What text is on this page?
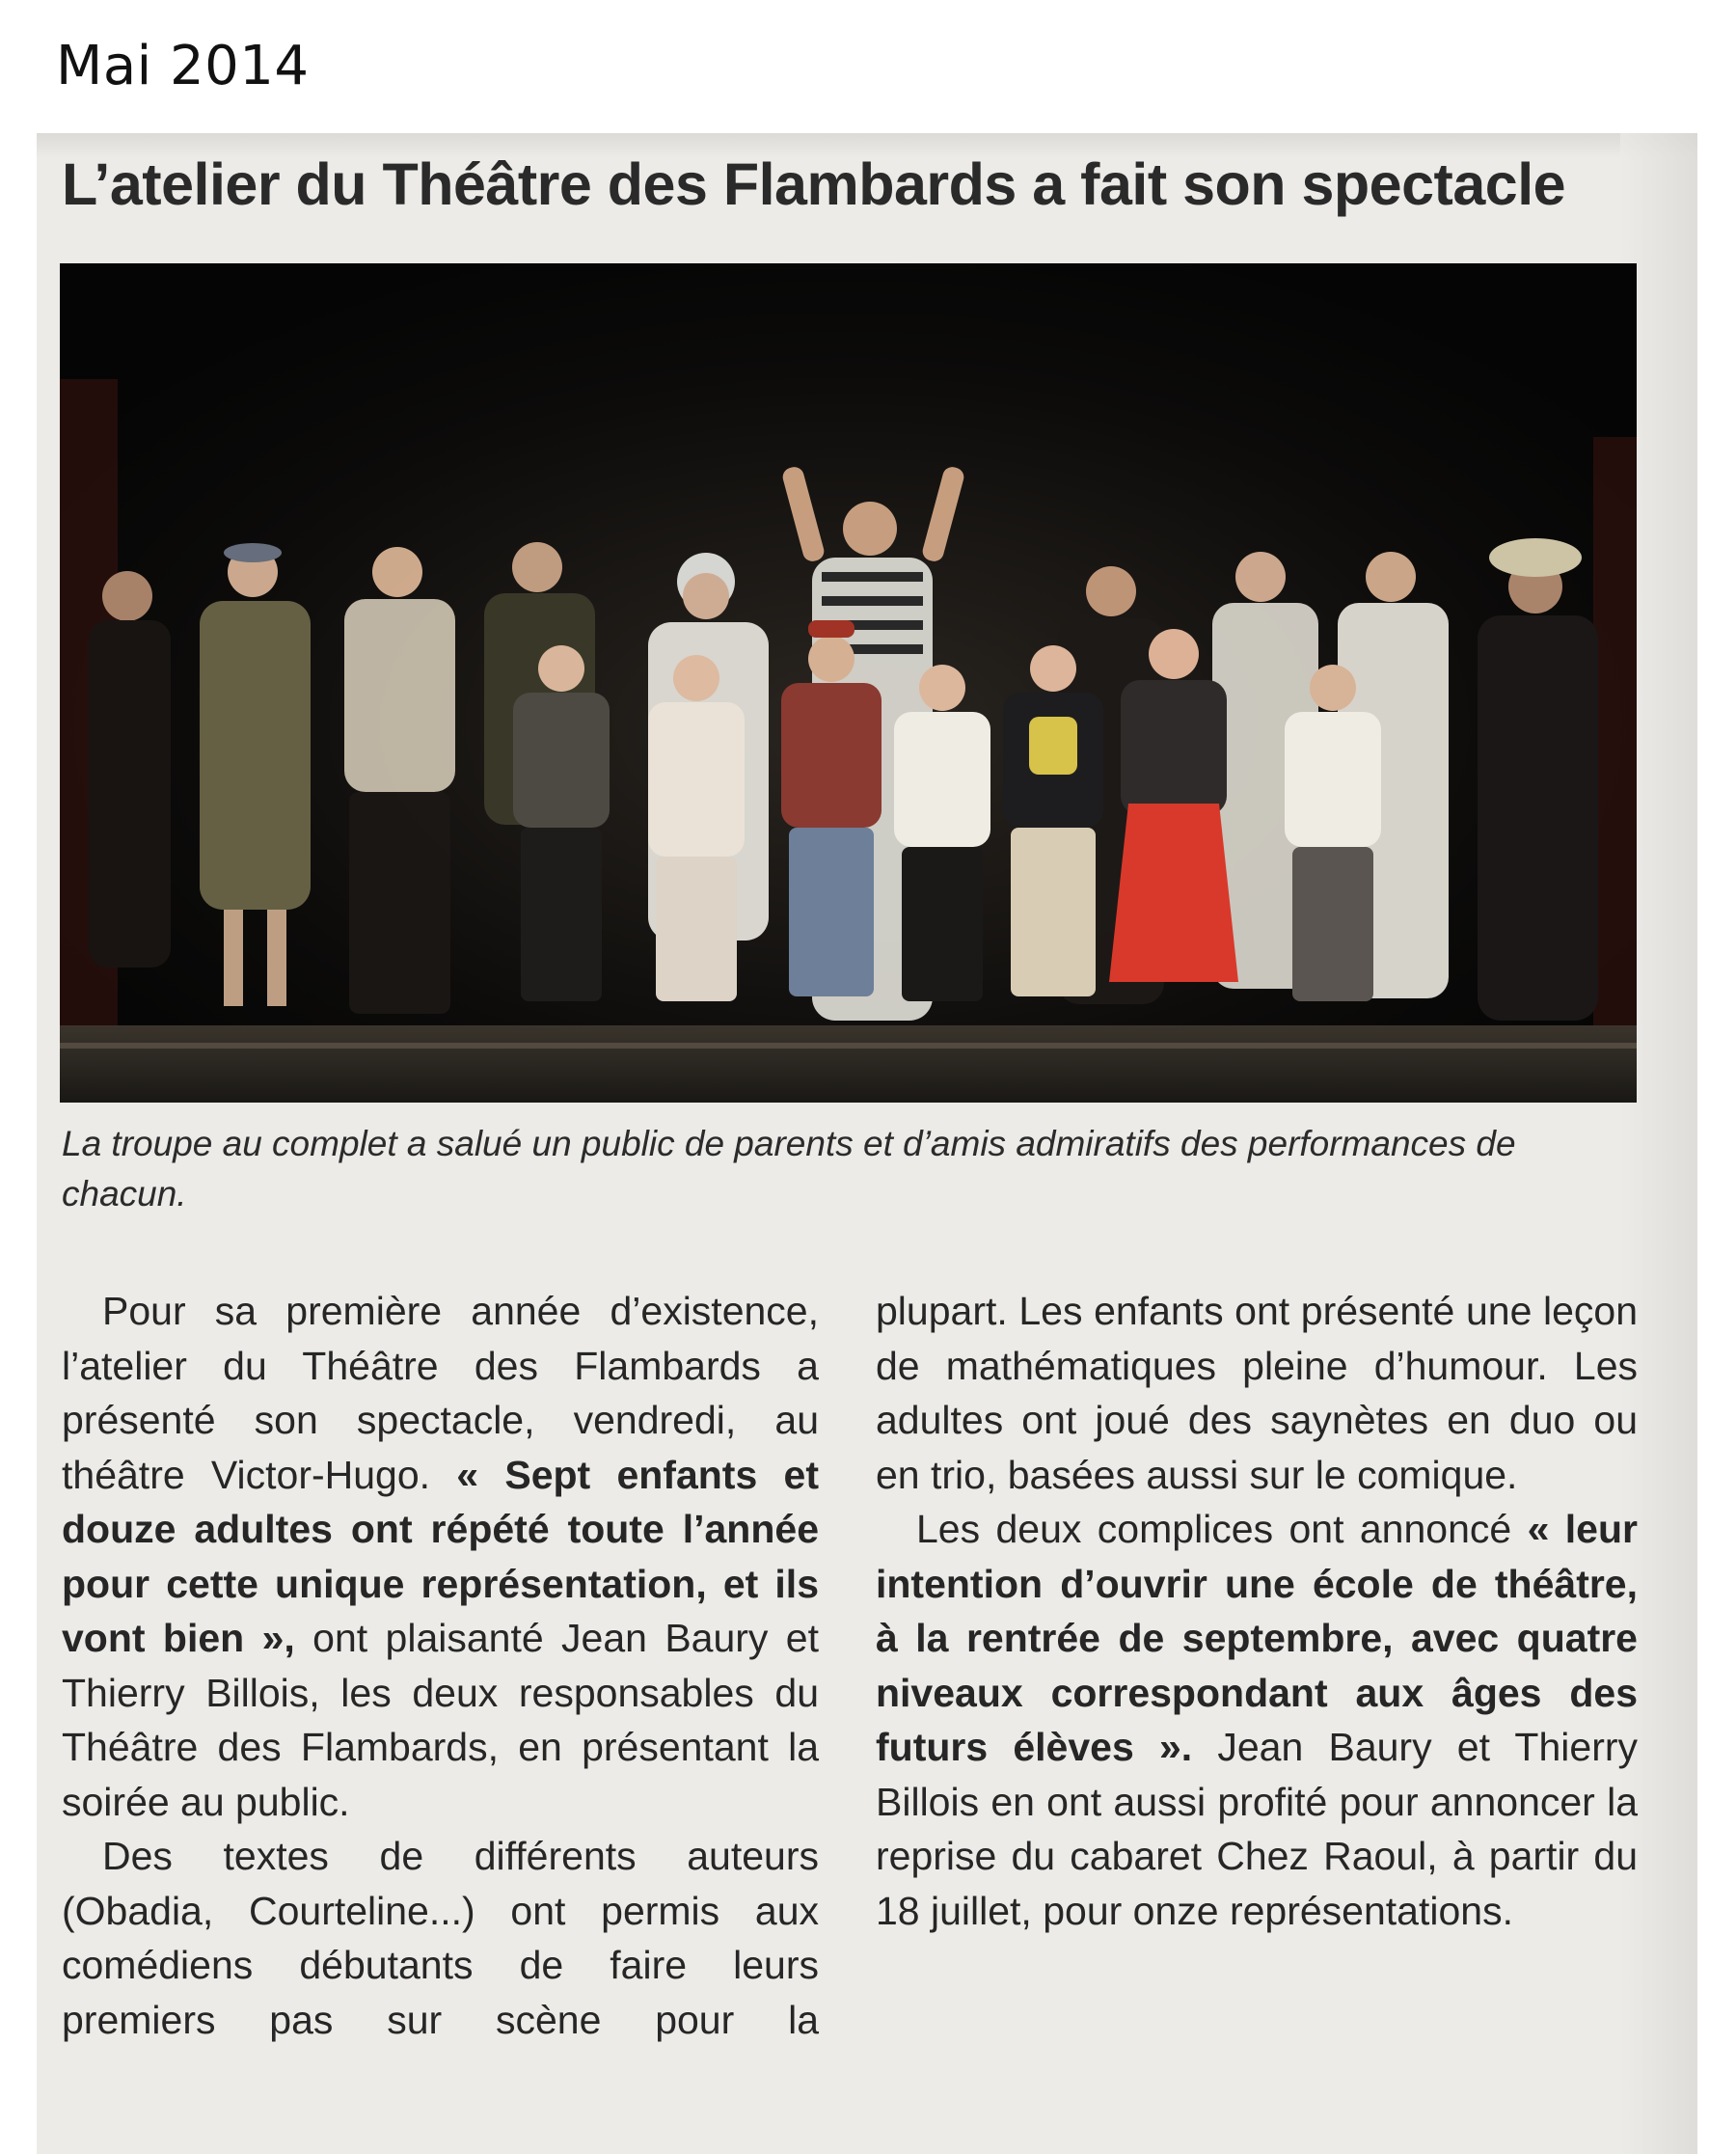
Mai 2014
L’atelier du Théâtre des Flambards a fait son spectacle
La troupe au complet a salué un public de parents et d’amis admiratifs des performances de chacun.

Pour sa première année d’existence, l’atelier du Théâtre des Flambards a présenté son spectacle, vendredi, au théâtre Victor-Hugo. « Sept enfants et douze adultes ont répété toute l’année pour cette unique représentation, et ils vont bien », ont plaisanté Jean Baury et Thierry Billois, les deux responsables du Théâtre des Flambards, en présentant la soirée au public.

Des textes de différents auteurs (Obadia, Courteline...) ont permis aux comédiens débutants de faire leurs premiers pas sur scène pour la

plupart. Les enfants ont présenté une leçon de mathématiques pleine d’humour. Les adultes ont joué des saynètes en duo ou en trio, basées aussi sur le comique.

Les deux complices ont annoncé « leur intention d’ouvrir une école de théâtre, à la rentrée de septembre, avec quatre niveaux correspondant aux âges des futurs élèves ». Jean Baury et Thierry Billois en ont aussi profité pour annoncer la reprise du cabaret Chez Raoul, à partir du 18 juillet, pour onze représentations.
